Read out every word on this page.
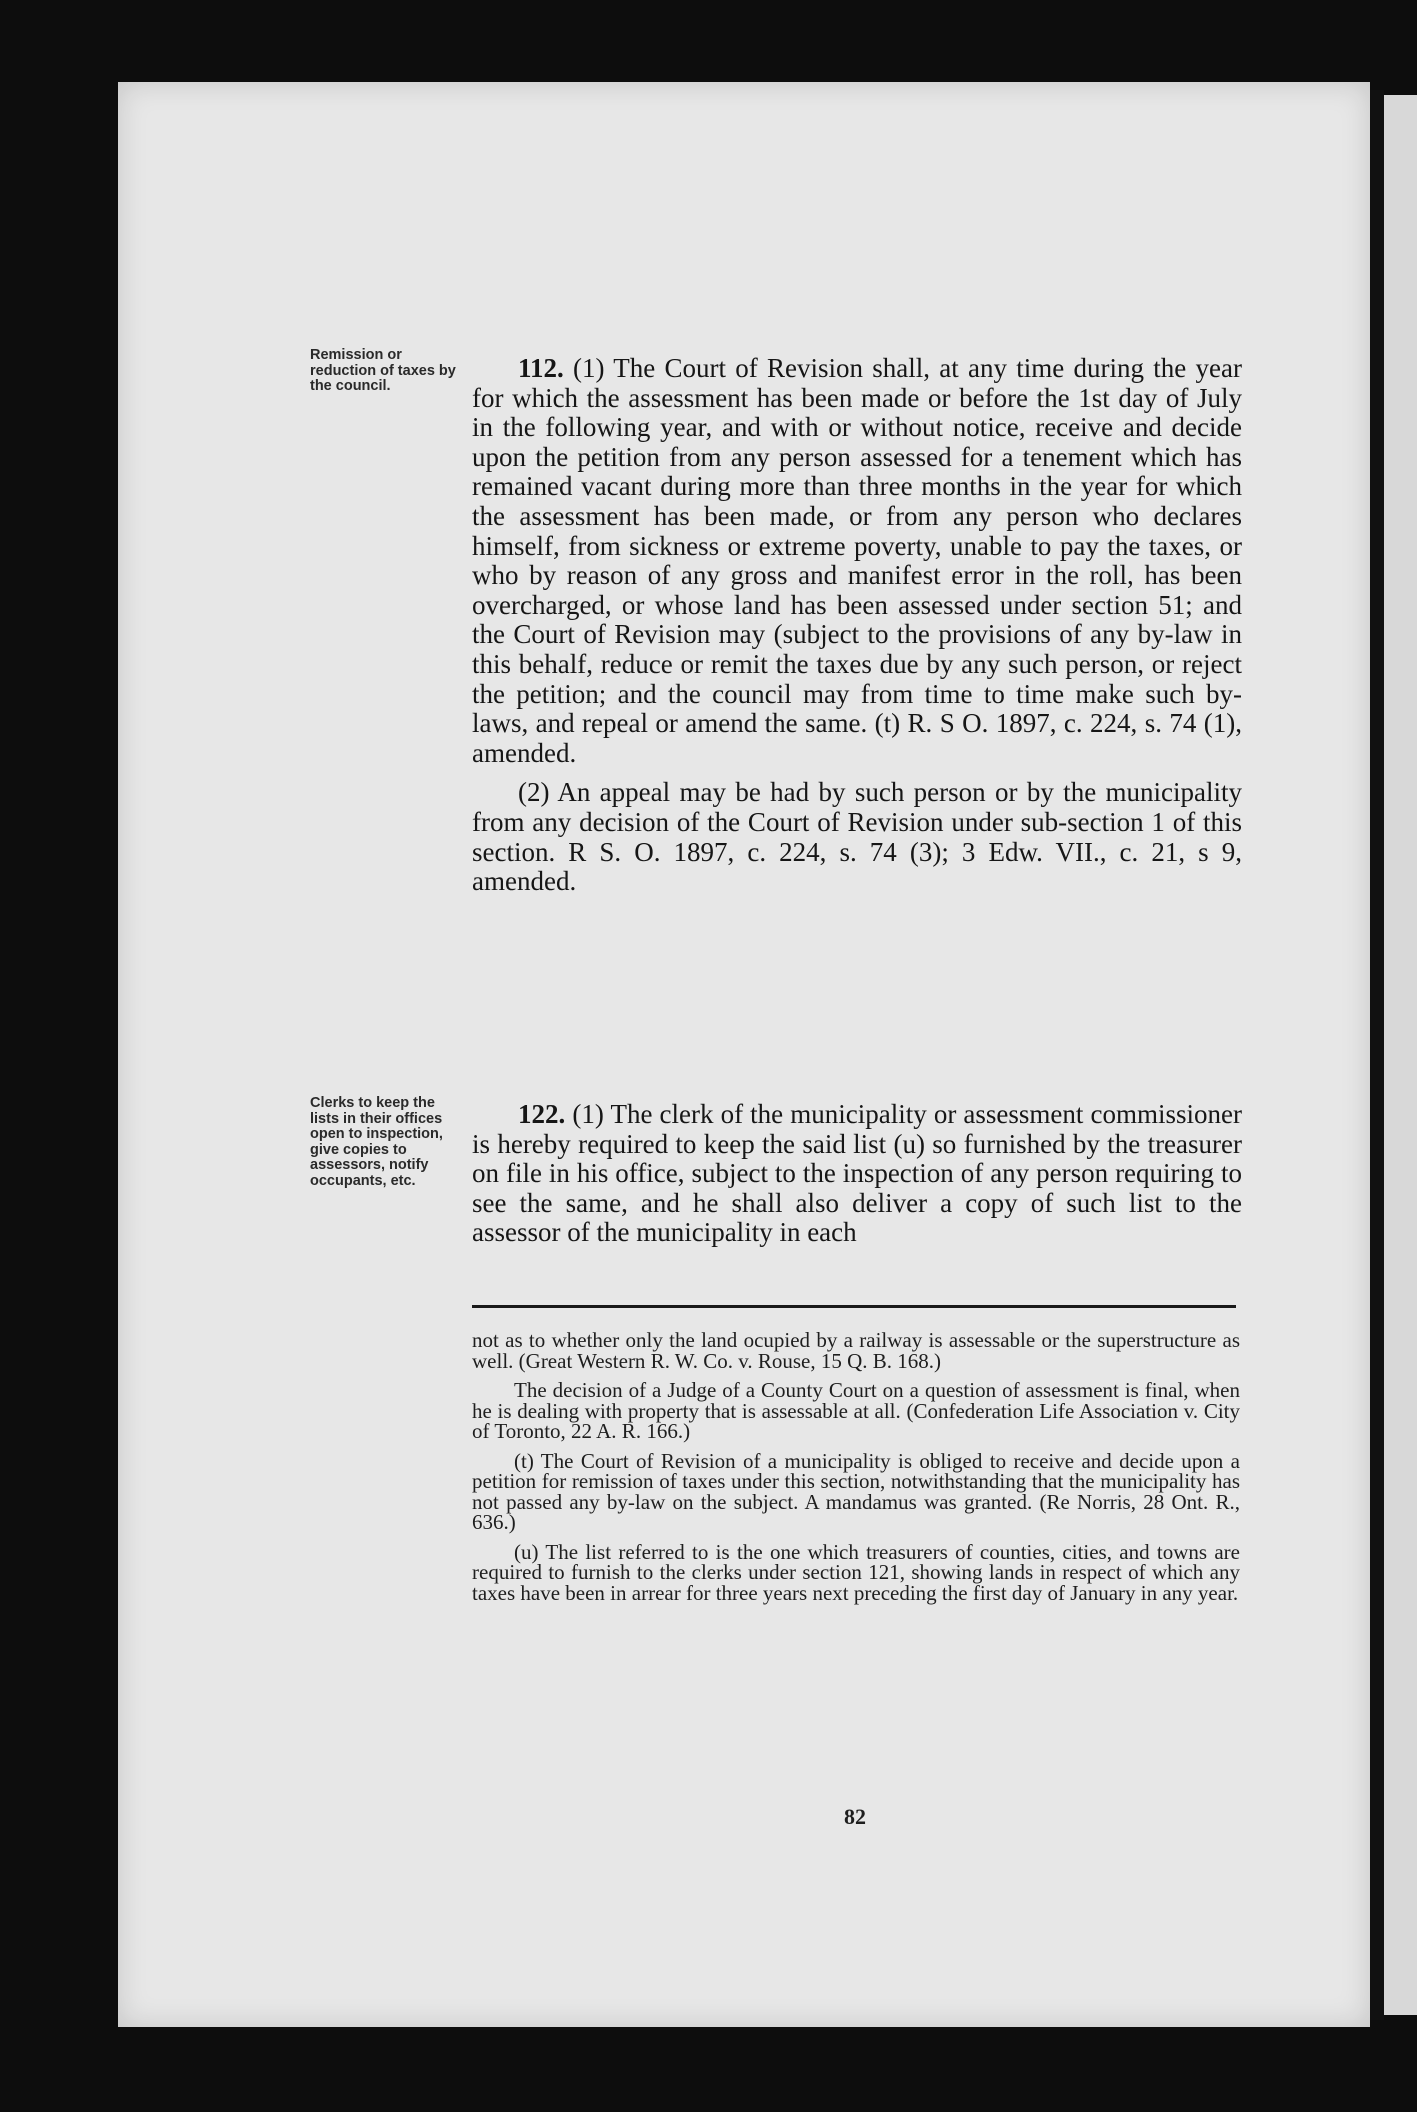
Remission or reduction of taxes by the council.
Clerks to keep the lists in their offices open to inspection, give copies to assessors, notify occupants, etc.

112. (1) The Court of Revision shall, at any time during the year for which the assessment has been made or before the 1st day of July in the following year, and with or without notice, receive and decide upon the petition from any person assessed for a tenement which has remained vacant during more than three months in the year for which the assessment has been made, or from any person who declares himself, from sickness or extreme poverty, unable to pay the taxes, or who by reason of any gross and manifest error in the roll, has been overcharged, or whose land has been assessed under section 51; and the Court of Revision may (subject to the provisions of any by-law in this behalf, reduce or remit the taxes due by any such person, or reject the petition; and the council may from time to time make such by-laws, and repeal or amend the same. (t) R. S O. 1897, c. 224, s. 74 (1), amended.

(2) An appeal may be had by such person or by the municipality from any decision of the Court of Revision under sub-section 1 of this section. R S. O. 1897, c. 224, s. 74 (3); 3 Edw. VII., c. 21, s 9, amended.

122. (1) The clerk of the municipality or assessment commissioner is hereby required to keep the said list (u) so furnished by the treasurer on file in his office, subject to the inspection of any person requiring to see the same, and he shall also deliver a copy of such list to the assessor of the municipality in each

not as to whether only the land ocupied by a railway is assessable or the superstructure as well. (Great Western R. W. Co. v. Rouse, 15 Q. B. 168.)

The decision of a Judge of a County Court on a question of assessment is final, when he is dealing with property that is assessable at all. (Confederation Life Association v. City of Toronto, 22 A. R. 166.)

(t) The Court of Revision of a municipality is obliged to receive and decide upon a petition for remission of taxes under this section, notwithstanding that the municipality has not passed any by-law on the subject. A mandamus was granted. (Re Norris, 28 Ont. R., 636.)

(u) The list referred to is the one which treasurers of counties, cities, and towns are required to furnish to the clerks under section 121, showing lands in respect of which any taxes have been in arrear for three years next preceding the first day of January in any year.

82
